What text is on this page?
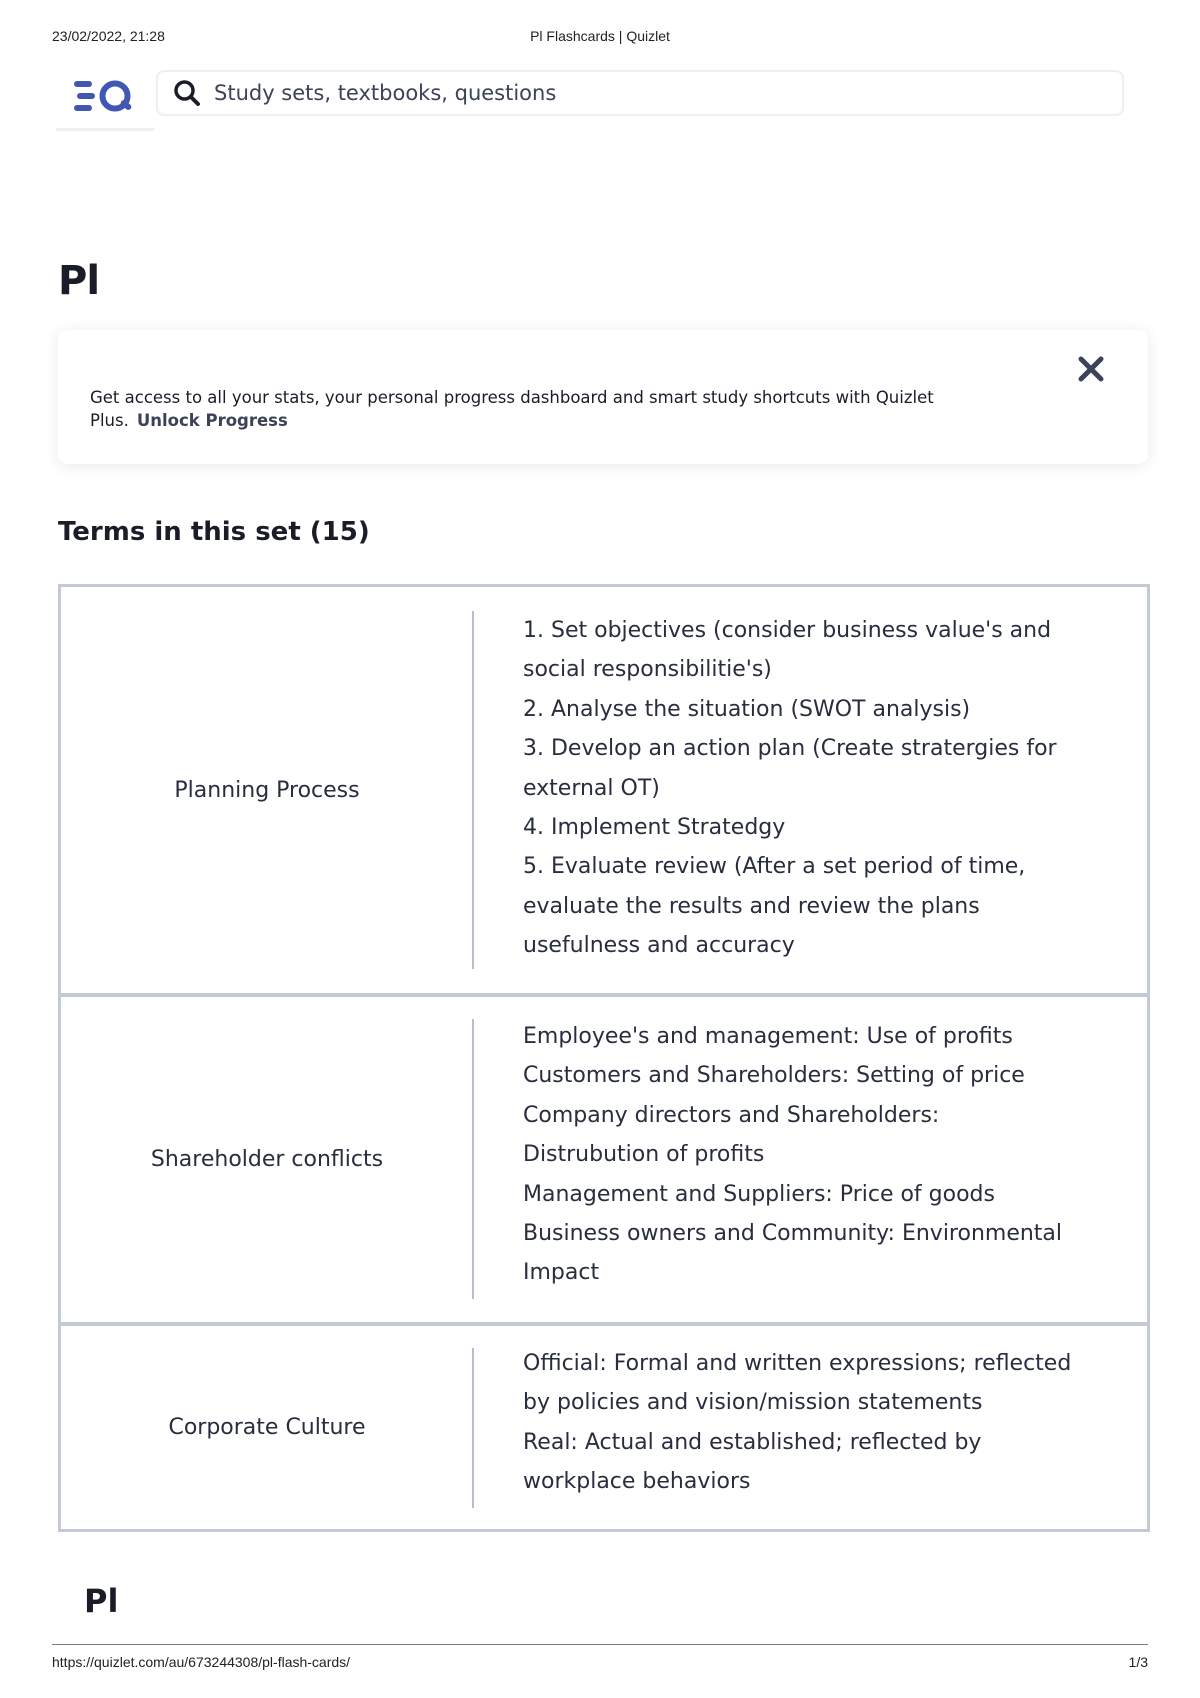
23/02/2022, 21:28	Pl Flashcards | Quizlet
Study sets, textbooks, questions
Pl
Get access to all your stats, your personal progress dashboard and smart study shortcuts with Quizlet Plus. Unlock Progress
Terms in this set (15)
Planning Process
1. Set objectives (consider business value's and
social responsibilitie's)
2. Analyse the situation (SWOT analysis)
3. Develop an action plan (Create stratergies for
external OT)
4. Implement Stratedgy
5. Evaluate review (After a set period of time,
evaluate the results and review the plans
usefulness and accuracy
Shareholder conflicts
Employee's and management: Use of profits
Customers and Shareholders: Setting of price
Company directors and Shareholders:
Distrubution of profits
Management and Suppliers: Price of goods
Business owners and Community: Environmental
Impact
Corporate Culture
Official: Formal and written expressions; reflected
by policies and vision/mission statements
Real: Actual and established; reflected by
workplace behaviors
Pl
https://quizlet.com/au/673244308/pl-flash-cards/	1/3
